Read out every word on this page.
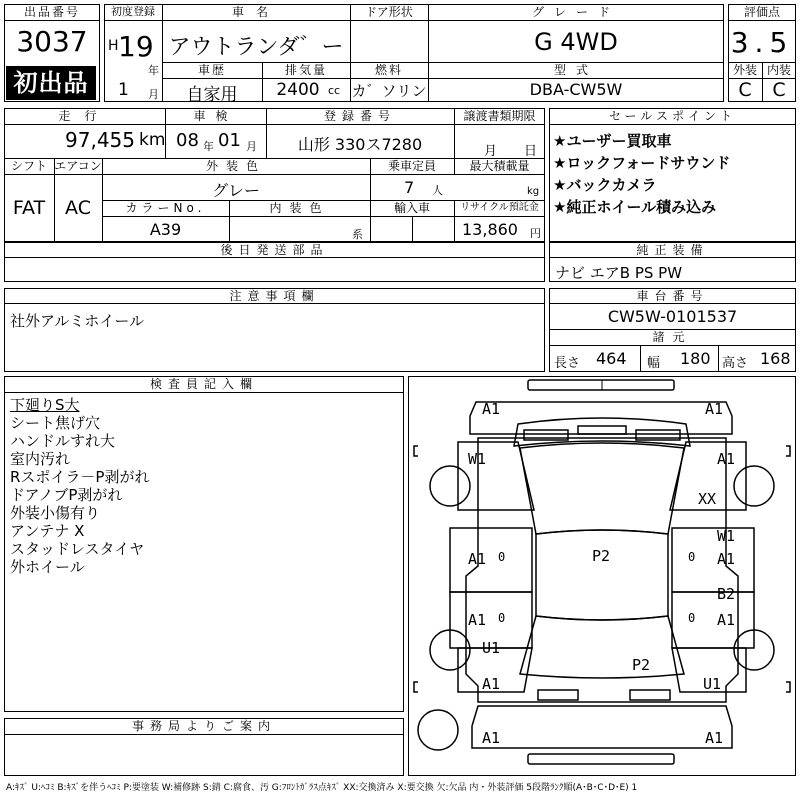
出品番号
3037
初出品
初度登録
H 19
年
1 月
車名
アウトランダ゛ー
ドア形状	グレード
G 4WD
車歴
自家用
排気量
2400 cc
燃料
カ゛ソリン
型式
DBA-CW5W
評価点
3.5
外装 内装
C	C
走行
97,455 km
車検
08 年 01 月
登録番号
山形 330ス7280
譲渡書類期限
月 日
シフト
FAT
エアコン
AC
外装色
グレー
乗車定員
7 人
最大積載量
kg
カラーNo.
A39
内装色
系
輸入車	リサイクル預託金
13,860 円
セールスポイント
★ユーザー買取車
★ロックフォードサウンド
★バックカメラ
★純正ホイール積み込み
後日発送部品	純正装備
ナビ エアB PS PW
注意事項欄
社外アルミホイール
車台番号
CW5W-0101537
諸元
長さ 464 幅 180 高さ 168
検査員記入欄
下廻りS大
シート焦げ穴
ハンドルすれ大
室内汚れ
Rスポイラ－P剥がれ
ドアノブP剥がれ
外装小傷有り
アンテナ X
スタッドレスタイヤ
外ホイール
事務局よりご案内
A1	A1
W1	A1
XX
A1 0
W1
A1
0
P2
A1 0
B2
A1
0
U1
P2
A1	U1
A1	A1
A:ｷｽﾞ U:ﾍｺﾐ B:ｷｽﾞを伴うﾍｺﾐ P:要塗装 W:補修跡 S:錆 C:腐食、汚 G:ﾌﾛﾝﾄｶﾞﾗｽ点ｷｽﾞ XX:交換済み X:要交換 欠:欠品 内・外装評価 5段階ﾗﾝｸ順(A･B･C･D･E) 1
